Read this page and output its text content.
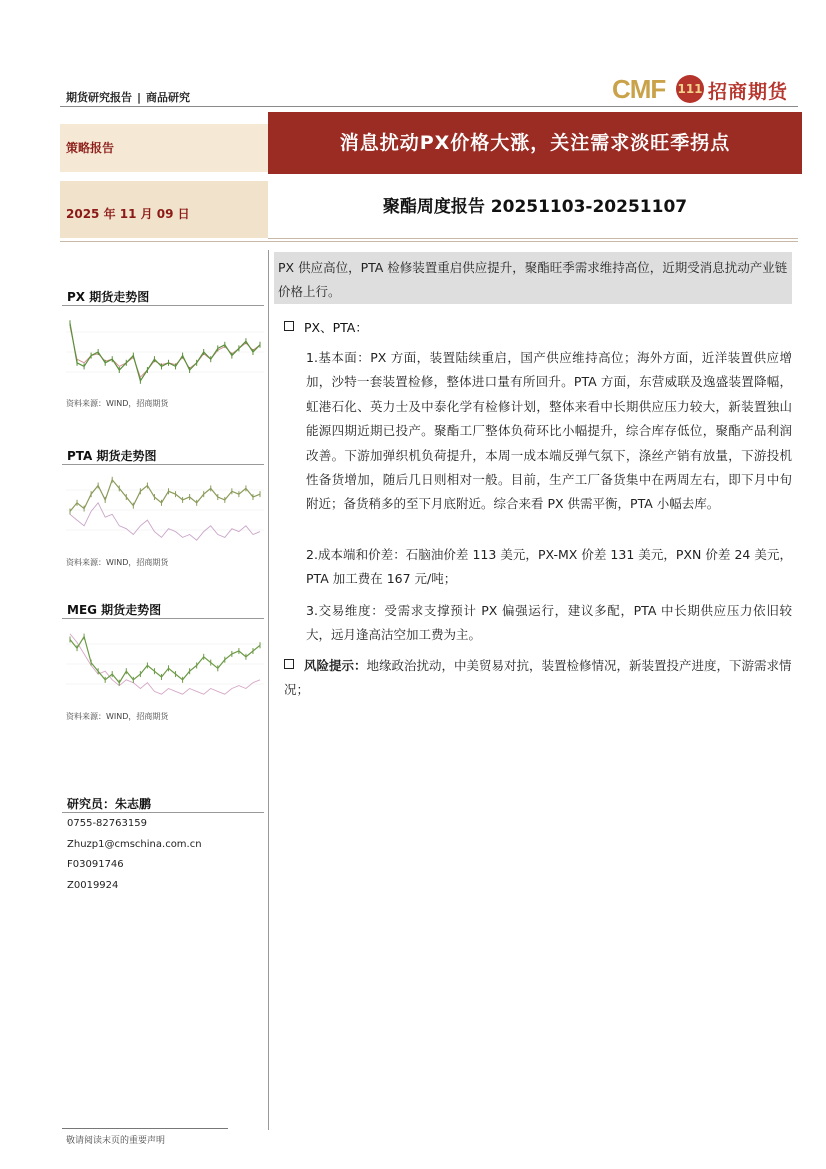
期货研究报告 | 商品研究	CMF 111 招商期货
策略报告	消息扰动PX价格大涨，关注需求淡旺季拐点
2025 年 11 月 09 日	聚酯周度报告 20251103-20251107
PX 期货走势图
资料来源：WIND，招商期货
PTA 期货走势图
资料来源：WIND，招商期货
MEG 期货走势图
资料来源：WIND，招商期货
研究员：朱志鹏
0755-82763159
Zhuzp1@cmschina.com.cn
F03091746
Z0019924
PX 供应高位，PTA 检修装置重启供应提升，聚酯旺季需求维持高位，近期受消息扰动产业链价格上行。
PX、PTA：
1.基本面：PX 方面，装置陆续重启，国产供应维持高位；海外方面，近洋装置供应增加，沙特一套装置检修，整体进口量有所回升。PTA 方面，东营威联及逸盛装置降幅，虹港石化、英力士及中泰化学有检修计划，整体来看中长期供应压力较大，新装置独山能源四期近期已投产。聚酯工厂整体负荷环比小幅提升，综合库存低位，聚酯产品利润改善。下游加弹织机负荷提升，本周一成本端反弹气氛下，涤丝产销有放量，下游投机性备货增加，随后几日则相对一般。目前，生产工厂备货集中在两周左右，即下月中旬附近；备货稍多的至下月底附近。综合来看 PX 供需平衡，PTA 小幅去库。
2.成本端和价差：石脑油价差 113 美元，PX-MX 价差 131 美元，PXN 价差 24 美元，PTA 加工费在 167 元/吨；
3.交易维度：受需求支撑预计 PX 偏强运行，建议多配，PTA 中长期供应压力依旧较大，远月逢高沽空加工费为主。
风险提示：地缘政治扰动，中美贸易对抗，装置检修情况，新装置投产进度，下游需求情况；
敬请阅读末页的重要声明
